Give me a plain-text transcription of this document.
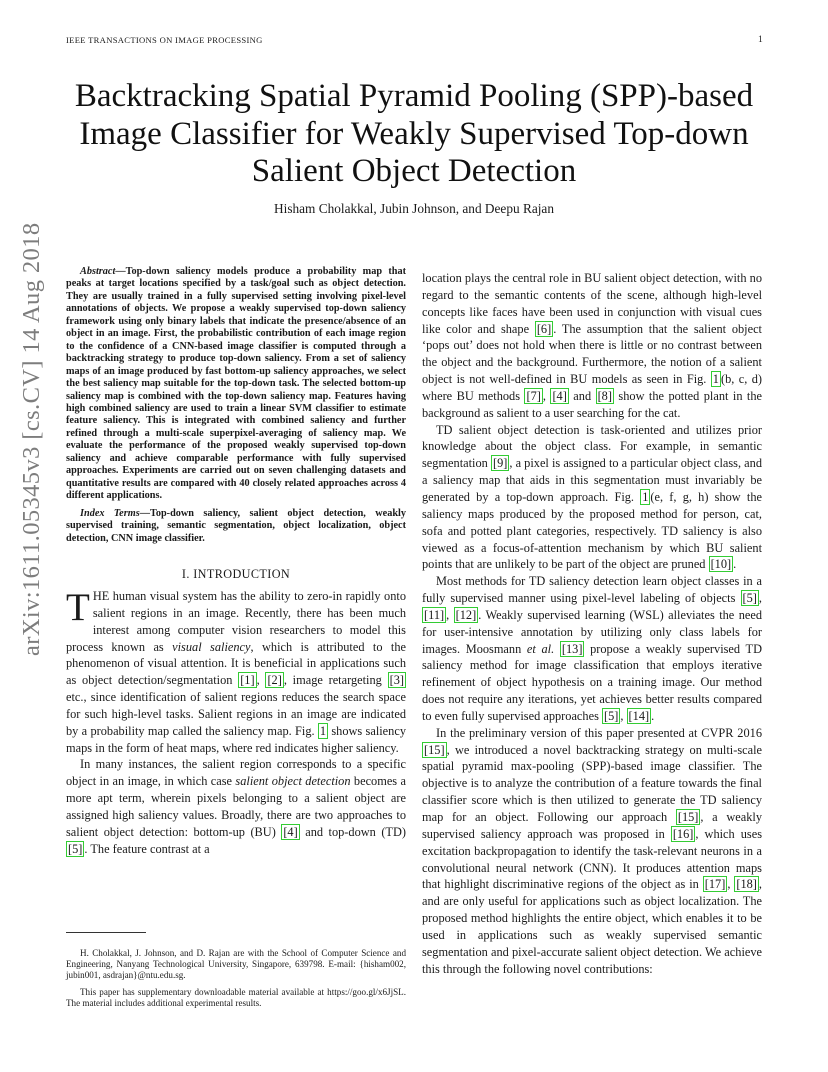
IEEE TRANSACTIONS ON IMAGE PROCESSING	1
Backtracking Spatial Pyramid Pooling (SPP)-based Image Classifier for Weakly Supervised Top-down Salient Object Detection
Hisham Cholakkal, Jubin Johnson, and Deepu Rajan
arXiv:1611.05345v3 [cs.CV] 14 Aug 2018	Abstract—Top-down saliency models produce a probability map that peaks at target locations specified by a task/goal such as object detection. They are usually trained in a fully supervised setting involving pixel-level annotations of objects. We propose a weakly supervised top-down saliency framework using only binary labels that indicate the presence/absence of an object in an image. First, the probabilistic contribution of each image region to the confidence of a CNN-based image classifier is computed through a backtracking strategy to produce top-down saliency. From a set of saliency maps of an image produced by fast bottom-up saliency approaches, we select the best saliency map suitable for the top-down task. The selected bottom-up saliency map is combined with the top-down saliency map. Features having high combined saliency are used to train a linear SVM classifier to estimate feature saliency. This is integrated with combined saliency and further refined through a multi-scale superpixel-averaging of saliency map. We evaluate the performance of the proposed weakly supervised top-down saliency and achieve comparable performance with fully supervised approaches. Experiments are carried out on seven challenging datasets and quantitative results are compared with 40 closely related approaches across 4 different applications.

Index Terms—Top-down saliency, salient object detection, weakly supervised training, semantic segmentation, object localization, object detection, CNN image classifier.

I. INTRODUCTION

THE human visual system has the ability to zero-in rapidly onto salient regions in an image. Recently, there has been much interest among computer vision researchers to model this process known as visual saliency, which is attributed to the phenomenon of visual attention. It is beneficial in applications such as object detection/segmentation [1] , [2] , image retargeting [3] etc., since identification of salient regions reduces the search space for such high-level tasks. Salient regions in an image are indicated by a probability map called the saliency map. Fig. 1 shows saliency maps in the form of heat maps, where red indicates higher saliency.

In many instances, the salient region corresponds to a specific object in an image, in which case salient object detection becomes a more apt term, wherein pixels belonging to a salient object are assigned high saliency values. Broadly, there are two approaches to salient object detection: bottom-up (BU) [4] and top-down (TD) [5] . The feature contrast at a

H. Cholakkal, J. Johnson, and D. Rajan are with the School of Computer Science and Engineering, Nanyang Technological University, Singapore, 639798. E-mail: {hisham002, jubin001, asdrajan}@ntu.edu.sg.

This paper has supplementary downloadable material available at https://goo.gl/x6JjSL. The material includes additional experimental results.

location plays the central role in BU salient object detection, with no regard to the semantic contents of the scene, although high-level concepts like faces have been used in conjunction with visual cues like color and shape [6] . The assumption that the salient object ‘pops out’ does not hold when there is little or no contrast between the object and the background. Furthermore, the notion of a salient object is not well-defined in BU models as seen in Fig. 1 (b, c, d) where BU methods [7] , [4] and [8] show the potted plant in the background as salient to a user searching for the cat.

TD salient object detection is task-oriented and utilizes prior knowledge about the object class. For example, in semantic segmentation [9] , a pixel is assigned to a particular object class, and a saliency map that aids in this segmentation must invariably be generated by a top-down approach. Fig. 1 (e, f, g, h) show the saliency maps produced by the proposed method for person, cat, sofa and potted plant categories, respectively. TD saliency is also viewed as a focus-of-attention mechanism by which BU salient points that are unlikely to be part of the object are pruned [10] .

Most methods for TD saliency detection learn object classes in a fully supervised manner using pixel-level labeling of objects [5] , [11] , [12] . Weakly supervised learning (WSL) alleviates the need for user-intensive annotation by utilizing only class labels for images. Moosmann et al. [13] propose a weakly supervised TD saliency method for image classification that employs iterative refinement of object hypothesis on a training image. Our method does not require any iterations, yet achieves better results compared to even fully supervised approaches [5] , [14] .

In the preliminary version of this paper presented at CVPR 2016 [15] , we introduced a novel backtracking strategy on multi-scale spatial pyramid max-pooling (SPP)-based image classifier. The objective is to analyze the contribution of a feature towards the final classifier score which is then utilized to generate the TD saliency map for an object. Following our approach [15] , a weakly supervised saliency approach was proposed in [16] , which uses excitation backpropagation to identify the task-relevant neurons in a convolutional neural network (CNN). It produces attention maps that highlight discriminative regions of the object as in [17] , [18] , and are only useful for applications such as object localization. The proposed method highlights the entire object, which enables it to be used in applications such as weakly supervised semantic segmentation and pixel-accurate salient object detection. We achieve this through the following novel contributions:
